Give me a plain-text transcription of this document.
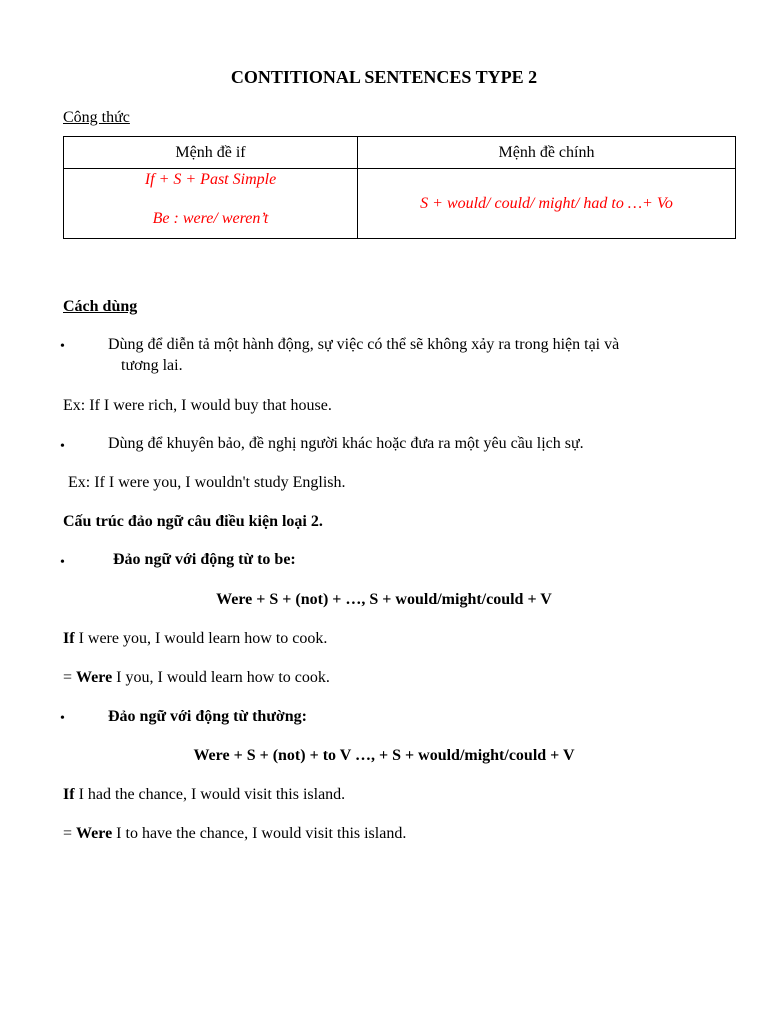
CONTITIONAL SENTENCES TYPE 2
Công thức
Mệnh đề if	Mệnh đề chính

If + S + Past Simple
Be : were/ weren’t	S + would/ could/ might/ had to …+ Vo
Cách dùng
•	Dùng để diễn tả một hành động, sự việc có thể sẽ không xảy ra trong hiện tại và
tương lai.
Ex: If I were rich, I would buy that house.
•	Dùng để khuyên bảo, đề nghị người khác hoặc đưa ra một yêu cầu lịch sự.
Ex: If I were you, I wouldn't study English.
Cấu trúc đảo ngữ câu điều kiện loại 2.
•	Đảo ngữ với động từ to be:
Were + S + (not) + …, S + would/might/could + V
If I were you, I would learn how to cook.
= Were I you, I would learn how to cook.
•	Đảo ngữ với động từ thường:
Were + S + (not) + to V …, + S + would/might/could + V
If I had the chance, I would visit this island.
= Were I to have the chance, I would visit this island.
